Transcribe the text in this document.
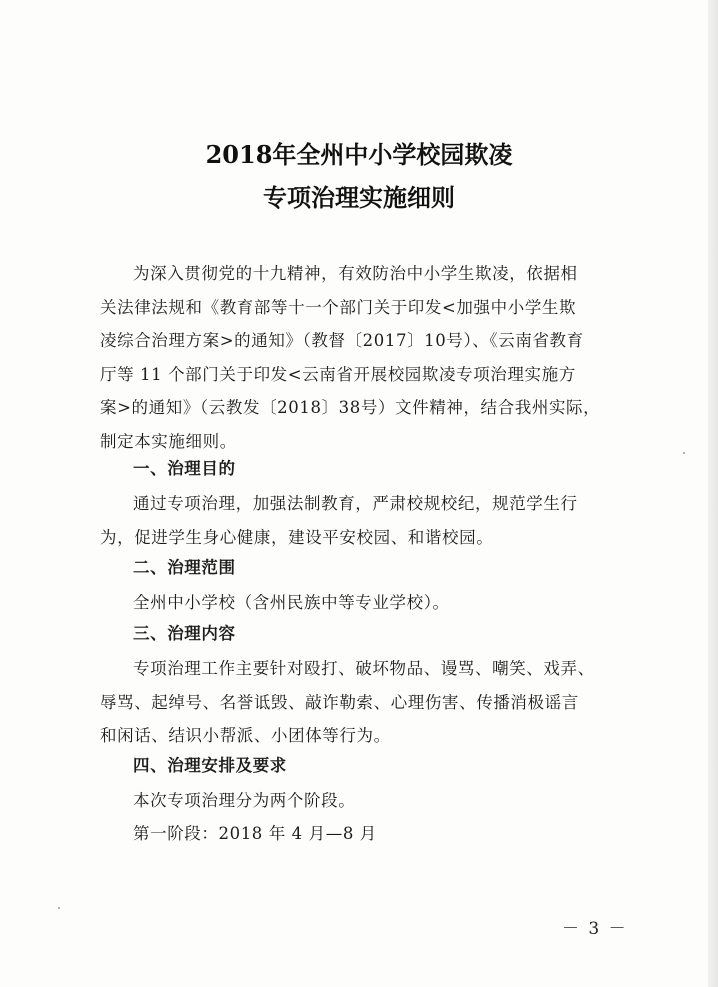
2018年全州中小学校园欺凌
专项治理实施细则
为深入贯彻党的十九精神，有效防治中小学生欺凌，依据相
关法律法规和《教育部等十一个部门关于印发<加强中小学生欺
凌综合治理方案>的通知》（教督〔2017〕10号）、《云南省教育
厅等 11 个部门关于印发<云南省开展校园欺凌专项治理实施方
案>的通知》（云教发〔2018〕38号）文件精神，结合我州实际，
制定本实施细则。
一、治理目的
通过专项治理，加强法制教育，严肃校规校纪，规范学生行
为，促进学生身心健康，建设平安校园、和谐校园。
二、治理范围
全州中小学校（含州民族中等专业学校）。
三、治理内容
专项治理工作主要针对殴打、破坏物品、谩骂、嘲笑、戏弄、
辱骂、起绰号、名誉诋毁、敲诈勒索、心理伤害、传播消极谣言
和闲话、结识小帮派、小团体等行为。
四、治理安排及要求
本次专项治理分为两个阶段。
第一阶段：2018 年 4 月—8 月
－ 3 －
